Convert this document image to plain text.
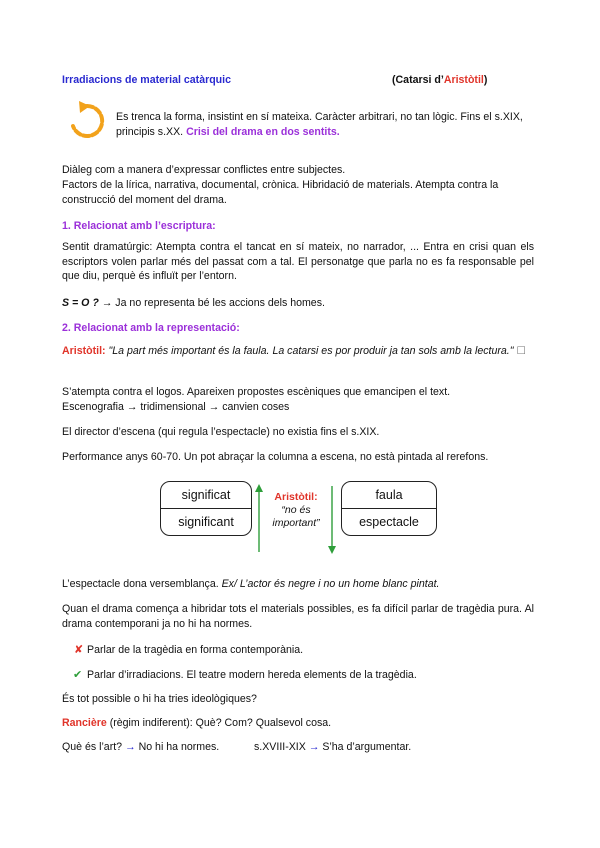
Irradiacions de material catàrquic	(Catarsi d’Aristòtil)

Es trenca la forma, insistint en sí mateixa. Caràcter arbitrari, no tan lògic. Fins el s.XIX, principis s.XX. Crisi del drama en dos sentits.

Diàleg com a manera d’expressar conflictes entre subjectes.

Factors de la lírica, narrativa, documental, crònica. Hibridació de materials. Atempta contra la construcció del moment del drama.

1. Relacionat amb l’escriptura:

Sentit dramatúrgic: Atempta contra el tancat en sí mateix, no narrador, ... Entra en crisi quan els escriptors volen parlar més del passat com a tal. El personatge que parla no es fa responsable pel que diu, perquè és influït per l’entorn.

S = O ? → Ja no representa bé les accions dels homes.

2. Relacionat amb la representació:

Aristòtil: "La part més important és la faula. La catarsi es por produir ja tan sols amb la lectura." ☐

S’atempta contra el logos. Apareixen propostes escèniques que emancipen el text.

Escenografia → tridimensional → canvien coses

El director d’escena (qui regula l’espectacle) no existia fins el s.XIX.

Performance anys 60-70. Un pot abraçar la columna a escena, no està pintada al rerefons.

significat
significant
Aristòtil:
“no és
important”
faula
espectacle

L’espectacle dona versemblança. Ex/ L’actor és negre i no un home blanc pintat.

Quan el drama comença a hibridar tots el materials possibles, es fa difícil parlar de tragèdia pura. Al drama contemporani ja no hi ha normes.

✘ Parlar de la tragèdia en forma contemporània.

✔ Parlar d’irradiacions. El teatre modern hereda elements de la tragèdia.

És tot possible o hi ha tries ideològiques?

Rancière (règim indiferent): Què? Com? Qualsevol cosa.

Què és l’art? → No hi ha normes.	s.XVIII-XIX → S’ha d’argumentar.
